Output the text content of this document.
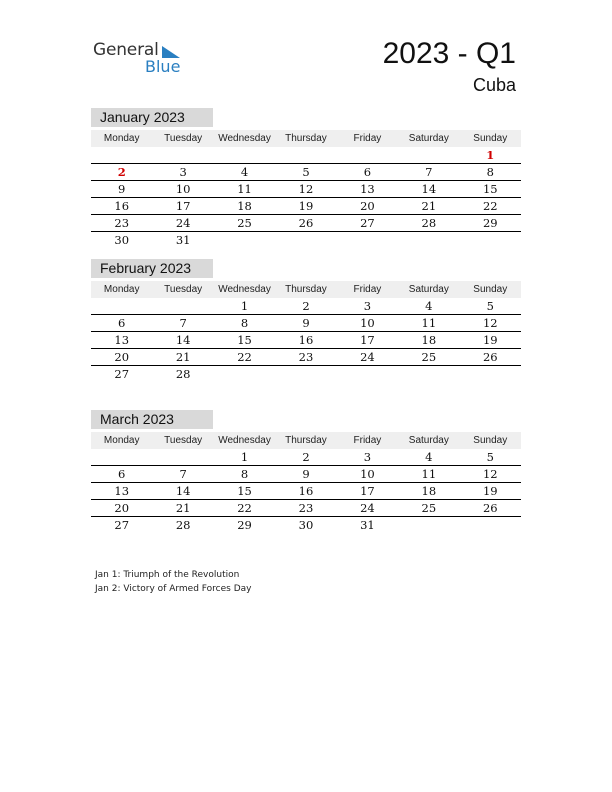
General
Blue	2023 - Q1
Cuba
January 2023
Monday	Tuesday	Wednesday	Thursday	Friday	Saturday	Sunday
						1
2	3	4	5	6	7	8
9	10	11	12	13	14	15
16	17	18	19	20	21	22
23	24	25	26	27	28	29
30	31					
February 2023
Monday	Tuesday	Wednesday	Thursday	Friday	Saturday	Sunday
		1	2	3	4	5
6	7	8	9	10	11	12
13	14	15	16	17	18	19
20	21	22	23	24	25	26
27	28					
March 2023
Monday	Tuesday	Wednesday	Thursday	Friday	Saturday	Sunday
		1	2	3	4	5
6	7	8	9	10	11	12
13	14	15	16	17	18	19
20	21	22	23	24	25	26
27	28	29	30	31		
Jan 1: Triumph of the Revolution
Jan 2: Victory of Armed Forces Day
